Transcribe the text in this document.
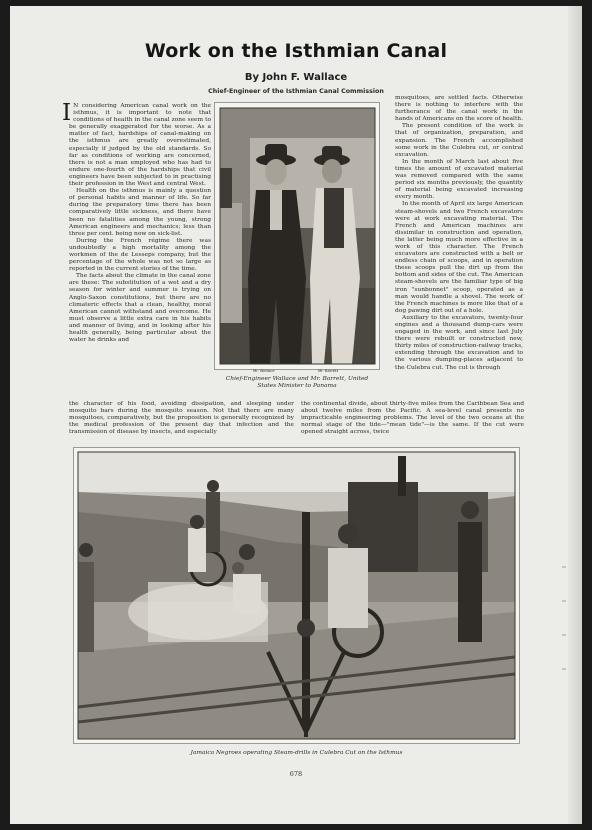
Work on the Isthmian Canal
By John F. Wallace
Chief-Engineer of the Isthmian Canal Commission

I N considering American canal work on the isthmus, it is important to note that conditions of health in the canal zone seem to be generally exaggerated for the worse. As a matter of fact, hardships of canal-making on the isthmus are greatly overestimated, especially if judged by the old standards. So far as conditions of working are concerned, there is not a man employed who has had to endure one-fourth of the hardships that civil engineers have been subjected to in practising their profession in the West and central West.

Health on the isthmus is mainly a question of personal habits and manner of life. So far during the preparatory time there has been comparatively little sickness, and there have been no fatalities among the young, strong American engineers and mechanics; less than three per cent. being now on sick-list.

During the French régime there was undoubtedly a high mortality among the workmen of the de Lesseps company, but the percentage of the whole was not so large as reported in the current stories of the time.

The facts about the climate in the canal zone are these: The substitution of a wet and a dry season for winter and summer is trying on Anglo-Saxon constitutions, but there are no climateric effects that a clean, healthy, moral American cannot withstand and overcome. He must observe a little extra care in his habits and manner of living, and in looking after his health generally, being particular about the water he drinks and

Mr. Wallace	Mr. Barrett
Chief-Engineer Wallace and Mr. Barrett, United
States Minister to Panama

mosquitoes, are settled facts. Otherwise there is nothing to interfere with the furtherance of the canal work in the hands of Americans on the score of health.

The present condition of the work is that of organization, preparation, and expansion. The French accomplished some work in the Culebra cut, or central excavation.

In the month of March last about five times the amount of excavated material was removed compared with the same period six months previously, the quantity of material being excavated increasing every month.

In the month of April six large American steam-shovels and two French excavators were at work excavating material. The French and American machines are dissimilar in construction and operation, the latter being much more effective in a work of this character. The French excavators are constructed with a belt or endless chain of scoops, and in operation these scoops pull the dirt up from the bottom and sides of the cut. The American steam-shovels are the familiar type of big iron "sunbonnet" scoop, operated as a man would handle a shovel. The work of the French machines is more like that of a dog pawing dirt out of a hole.

Auxiliary to the excavators, twenty-four engines and a thousand dump-cars were engaged in the work, and since last July there were rebuilt or constructed new, thirty miles of construction-railway tracks, extending through the excavation and to the various dumping-places adjacent to the Culebra cut. The cut is through

the character of his food, avoiding dissipation, and sleeping under mosquito bars during the mosquito season. Not that there are many mosquitoes, comparatively, but the proposition is generally recognized by the medical profession of the present day that infection and the transmission of disease by insects, and especially
the continental divide, about thirty-five miles from the Caribbean Sea and about twelve miles from the Pacific. A sea-level canal presents no impracticable engineering problems. The level of the two oceans at the normal stage of the tide—"mean tide"—is the same. If the cut were opened straight across, twice
Jamaica Negroes operating Steam-drills in Culebra Cut on the Isthmus
678
